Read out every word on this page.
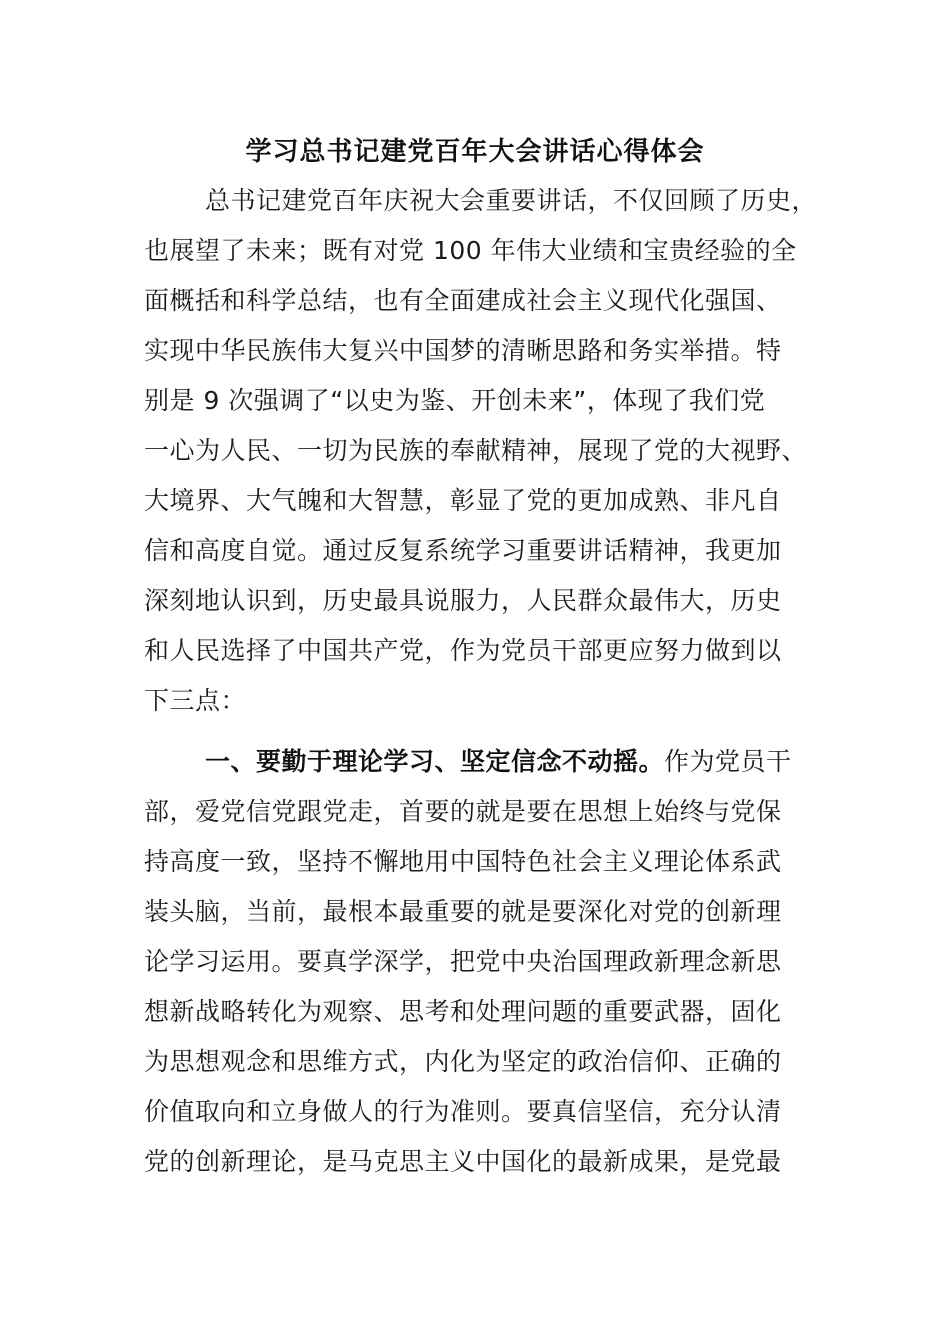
学习总书记建党百年大会讲话心得体会
总书记建党百年庆祝大会重要讲话，不仅回顾了历史，
也展望了未来；既有对党 100 年伟大业绩和宝贵经验的全
面概括和科学总结，也有全面建成社会主义现代化强国、
实现中华民族伟大复兴中国梦的清晰思路和务实举措。特
别是 9 次强调了“以史为鉴、开创未来”，体现了我们党
一心为人民、一切为民族的奉献精神，展现了党的大视野、
大境界、大气魄和大智慧，彰显了党的更加成熟、非凡自
信和高度自觉。通过反复系统学习重要讲话精神，我更加
深刻地认识到，历史最具说服力，人民群众最伟大，历史
和人民选择了中国共产党，作为党员干部更应努力做到以
下三点：
一、要勤于理论学习、坚定信念不动摇。作为党员干
部，爱党信党跟党走，首要的就是要在思想上始终与党保
持高度一致，坚持不懈地用中国特色社会主义理论体系武
装头脑，当前，最根本最重要的就是要深化对党的创新理
论学习运用。要真学深学，把党中央治国理政新理念新思
想新战略转化为观察、思考和处理问题的重要武器，固化
为思想观念和思维方式，内化为坚定的政治信仰、正确的
价值取向和立身做人的行为准则。要真信坚信，充分认清
党的创新理论，是马克思主义中国化的最新成果，是党最
